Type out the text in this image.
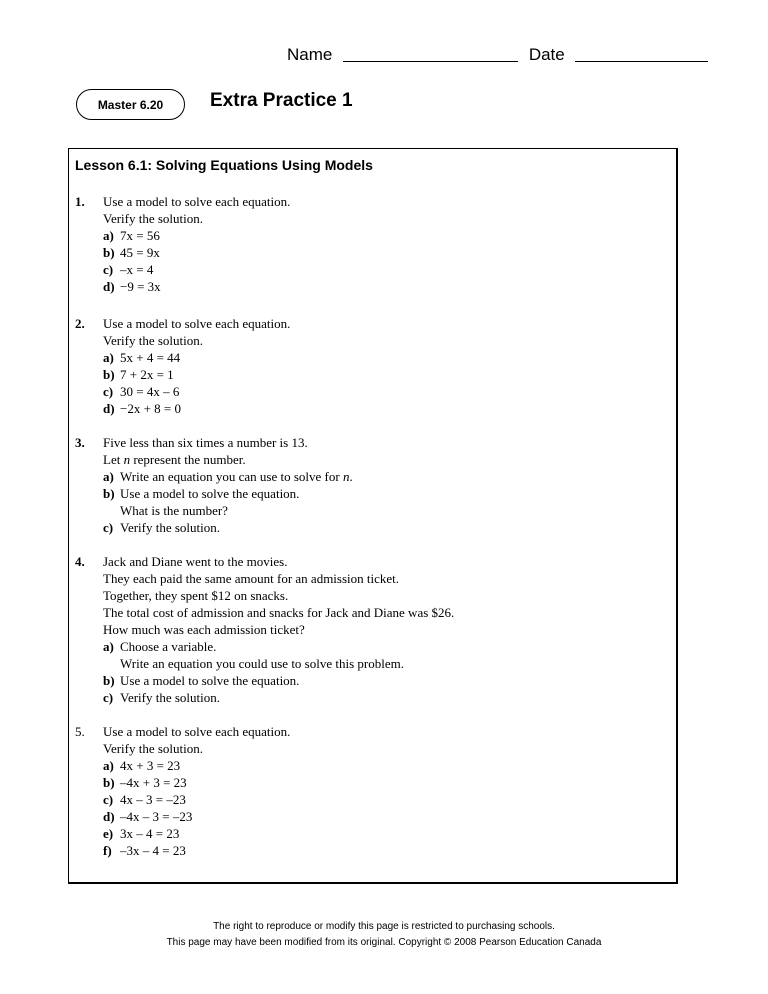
Name	Date
Master 6.20	Extra Practice 1
Lesson 6.1: Solving Equations Using Models
1. Use a model to solve each equation.
Verify the solution.
a) 7x = 56
b) 45 = 9x
c) –x = 4
d) −9 = 3x
2. Use a model to solve each equation.
Verify the solution.
a) 5x + 4 = 44
b) 7 + 2x = 1
c) 30 = 4x – 6
d) −2x + 8 = 0
3. Five less than six times a number is 13.
Let n represent the number.
a) Write an equation you can use to solve for n.
b) Use a model to solve the equation.
What is the number?
c) Verify the solution.
4. Jack and Diane went to the movies.
They each paid the same amount for an admission ticket.
Together, they spent $12 on snacks.
The total cost of admission and snacks for Jack and Diane was $26.
How much was each admission ticket?
a) Choose a variable.
Write an equation you could use to solve this problem.
b) Use a model to solve the equation.
c) Verify the solution.
5. Use a model to solve each equation.
Verify the solution.
a) 4x + 3 = 23
b) –4x + 3 = 23
c) 4x – 3 = –23
d) –4x – 3 = –23
e) 3x – 4 = 23
f) –3x – 4 = 23
The right to reproduce or modify this page is restricted to purchasing schools.
This page may have been modified from its original. Copyright © 2008 Pearson Education Canada
